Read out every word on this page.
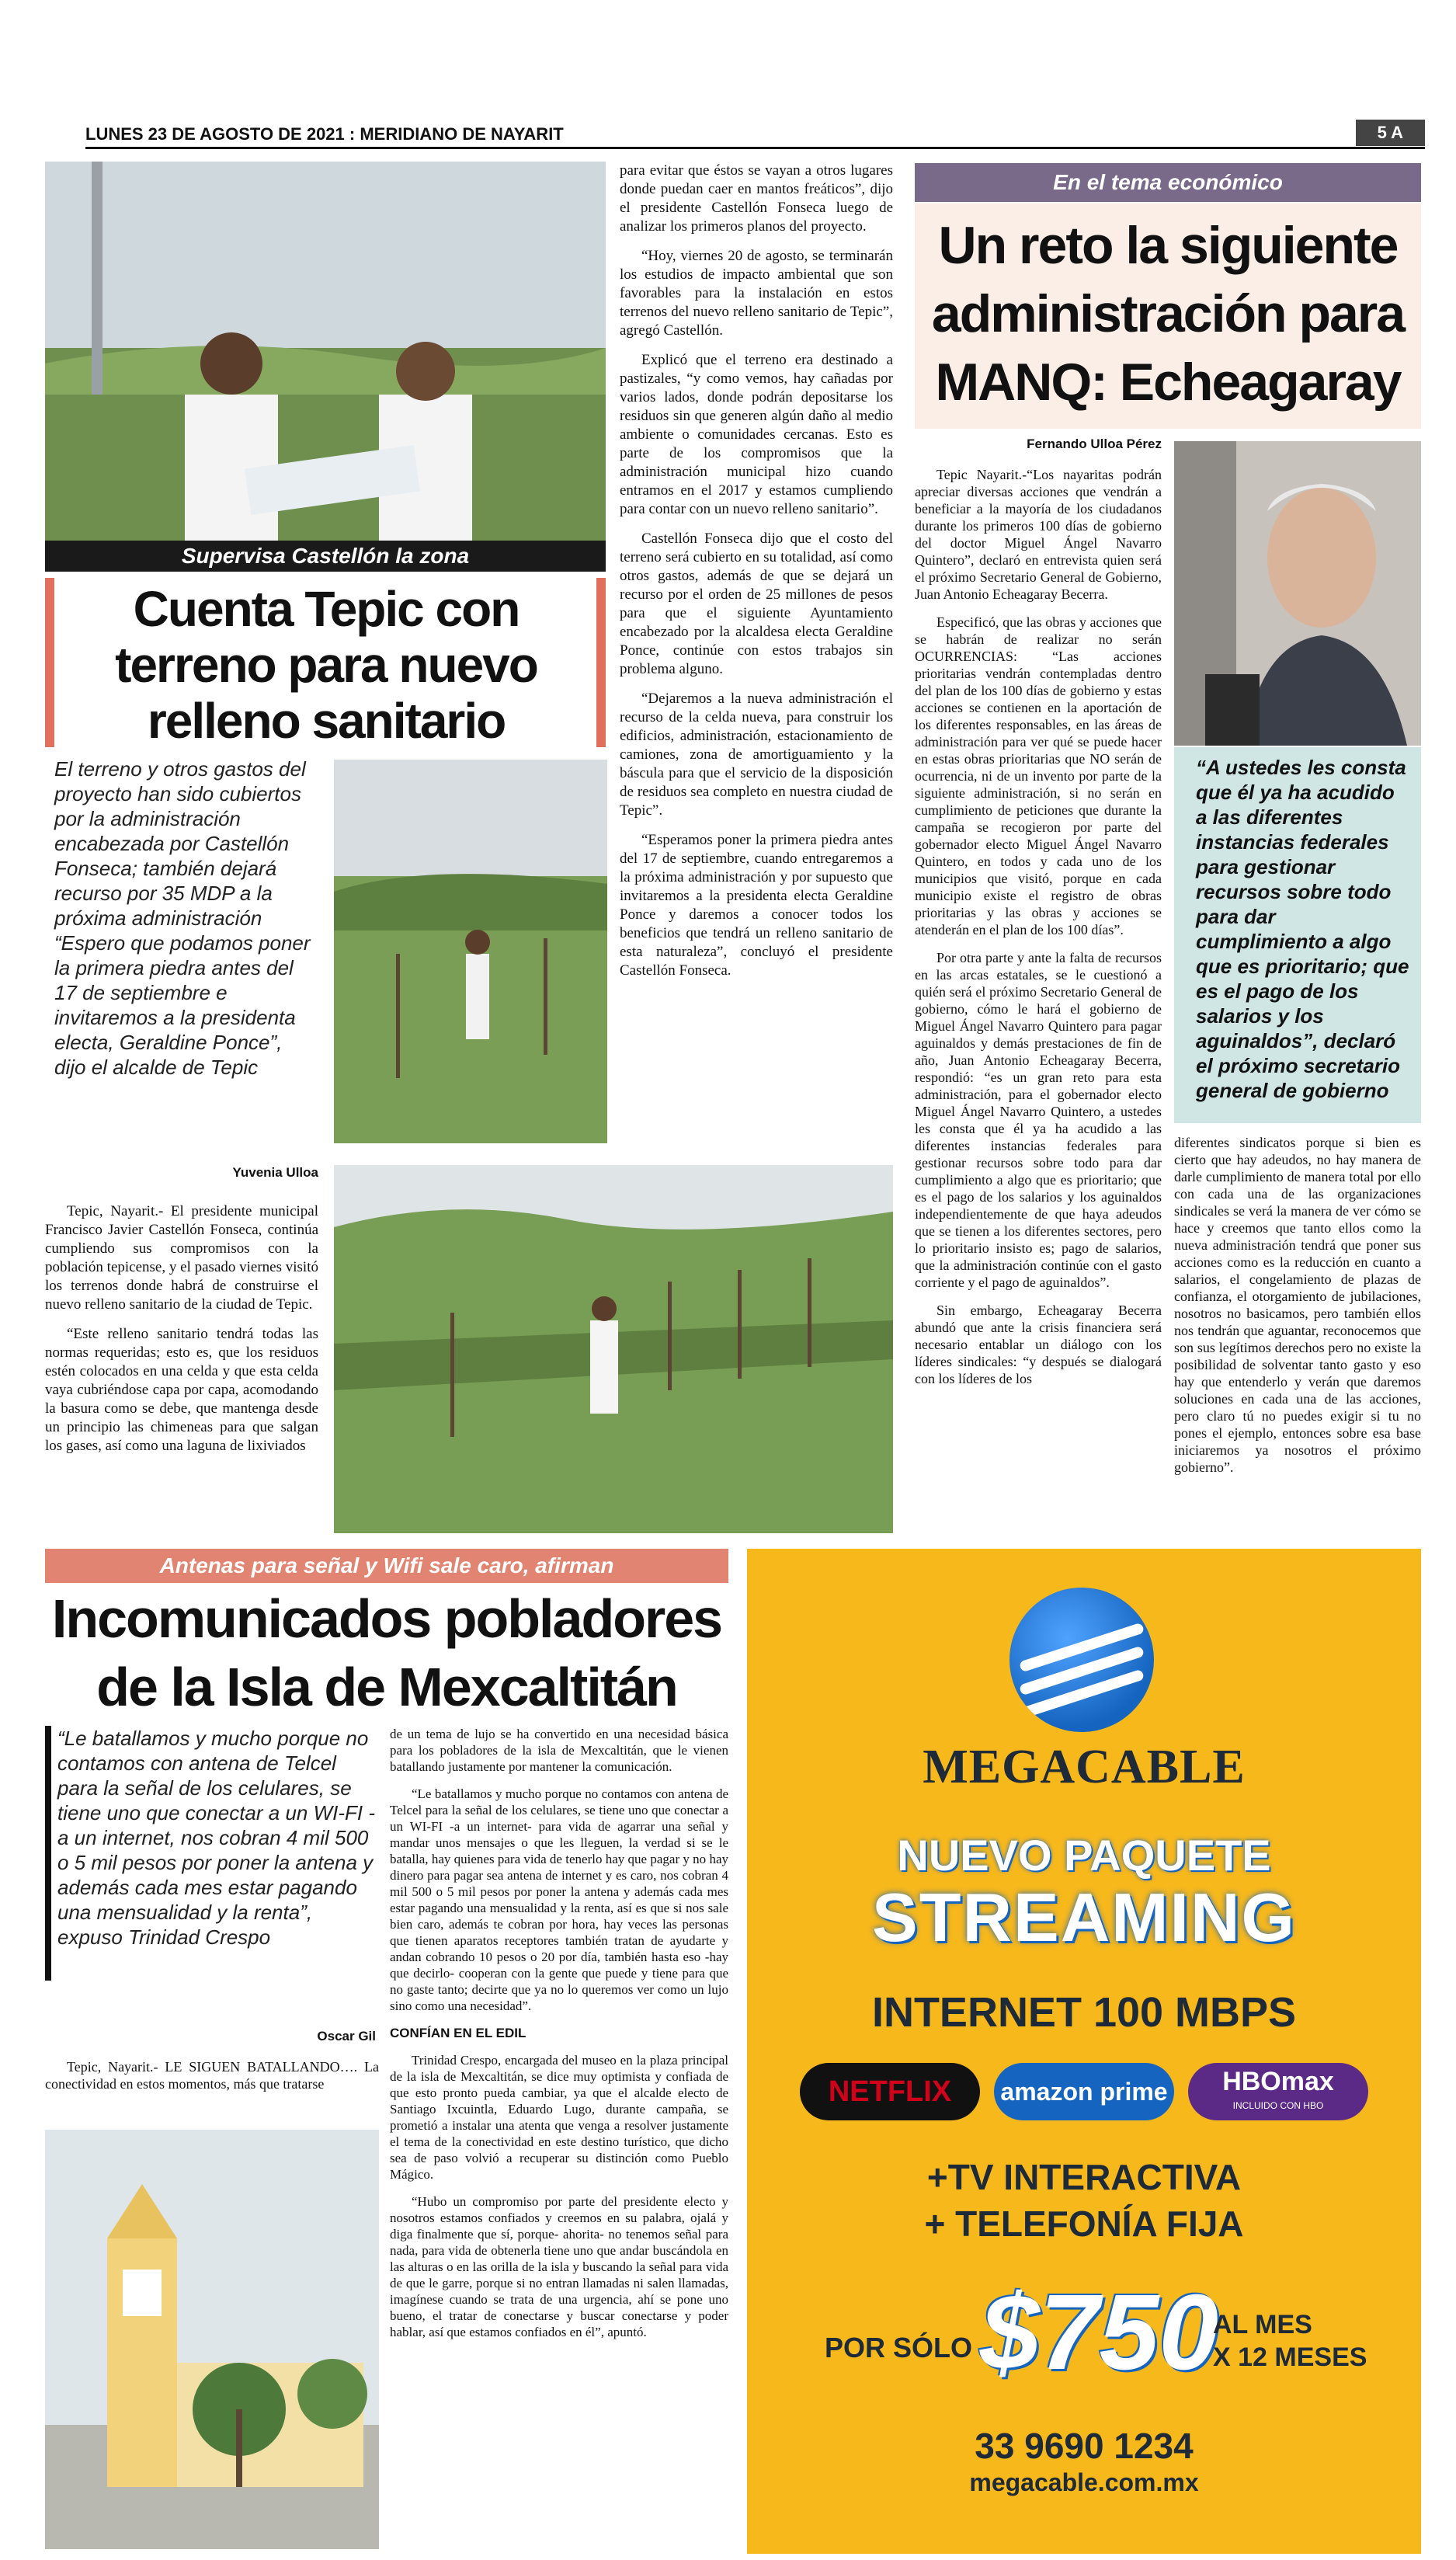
LUNES 23 DE AGOSTO DE 2021 : MERIDIANO DE NAYARIT	5 A
Supervisa Castellón la zona
Cuenta Tepic con terreno para nuevo relleno sanitario
El terreno y otros gastos del proyecto han sido cubiertos por la administración encabezada por Castellón Fonseca; también dejará recurso por 35 MDP a la próxima administración “Espero que podamos poner la primera piedra antes del 17 de septiembre e invitaremos a la presidenta electa, Geraldine Ponce”, dijo el alcalde de Tepic
Yuvenia Ulloa

Tepic, Nayarit.- El presidente municipal Francisco Javier Castellón Fonseca, continúa cumpliendo sus compromisos con la población tepicense, y el pasado viernes visitó los terrenos donde habrá de construirse el nuevo relleno sanitario de la ciudad de Tepic.

“Este relleno sanitario tendrá todas las normas requeridas; esto es, que los residuos estén colocados en una celda y que esta celda vaya cubriéndose capa por capa, acomodando la basura como se debe, que mantenga desde un principio las chimeneas para que salgan los gases, así como una laguna de lixiviados

para evitar que éstos se vayan a otros lugares donde puedan caer en mantos freáticos”, dijo el presidente Castellón Fonseca luego de analizar los primeros planos del proyecto.

“Hoy, viernes 20 de agosto, se terminarán los estudios de impacto ambiental que son favorables para la instalación en estos terrenos del nuevo relleno sanitario de Tepic”, agregó Castellón.

Explicó que el terreno era destinado a pastizales, “y como vemos, hay cañadas por varios lados, donde podrán depositarse los residuos sin que generen algún daño al medio ambiente o comunidades cercanas. Esto es parte de los compromisos que la administración municipal hizo cuando entramos en el 2017 y estamos cumpliendo para contar con un nuevo relleno sanitario”.

Castellón Fonseca dijo que el costo del terreno será cubierto en su totalidad, así como otros gastos, además de que se dejará un recurso por el orden de 25 millones de pesos para que el siguiente Ayuntamiento encabezado por la alcaldesa electa Geraldine Ponce, continúe con estos trabajos sin problema alguno.

“Dejaremos a la nueva administración el recurso de la celda nueva, para construir los edificios, administración, estacionamiento de camiones, zona de amortiguamiento y la báscula para que el servicio de la disposición de residuos sea completo en nuestra ciudad de Tepic”.

“Esperamos poner la primera piedra antes del 17 de septiembre, cuando entregaremos a la próxima administración y por supuesto que invitaremos a la presidenta electa Geraldine Ponce y daremos a conocer todos los beneficios que tendrá un relleno sanitario de esta naturaleza”, concluyó el presidente Castellón Fonseca.

En el tema económico
Un reto la siguiente administración para MANQ: Echeagaray
Fernando Ulloa Pérez
“A ustedes les consta que él ya ha acudido a las diferentes instancias federales para gestionar recursos sobre todo para dar cumplimiento a algo que es prioritario; que es el pago de los salarios y los aguinaldos”, declaró el próximo secretario general de gobierno

Tepic Nayarit.-“Los nayaritas podrán apreciar diversas acciones que vendrán a beneficiar a la mayoría de los ciudadanos durante los primeros 100 días de gobierno del doctor Miguel Ángel Navarro Quintero”, declaró en entrevista quien será el próximo Secretario General de Gobierno, Juan Antonio Echeagaray Becerra.

Especificó, que las obras y acciones que se habrán de realizar no serán OCURRENCIAS: “Las acciones prioritarias vendrán contempladas dentro del plan de los 100 días de gobierno y estas acciones se contienen en la aportación de los diferentes responsables, en las áreas de administración para ver qué se puede hacer en estas obras prioritarias que NO serán de ocurrencia, ni de un invento por parte de la siguiente administración, si no serán en cumplimiento de peticiones que durante la campaña se recogieron por parte del gobernador electo Miguel Ángel Navarro Quintero, en todos y cada uno de los municipios que visitó, porque en cada municipio existe el registro de obras prioritarias y las obras y acciones se atenderán en el plan de los 100 días”.

Por otra parte y ante la falta de recursos en las arcas estatales, se le cuestionó a quién será el próximo Secretario General de gobierno, cómo le hará el gobierno de Miguel Ángel Navarro Quintero para pagar aguinaldos y demás prestaciones de fin de año, Juan Antonio Echeagaray Becerra, respondió: “es un gran reto para esta administración, para el gobernador electo Miguel Ángel Navarro Quintero, a ustedes les consta que él ya ha acudido a las diferentes instancias federales para gestionar recursos sobre todo para dar cumplimiento a algo que es prioritario; que es el pago de los salarios y los aguinaldos independientemente de que haya adeudos que se tienen a los diferentes sectores, pero lo prioritario insisto es; pago de salarios, que la administración continúe con el gasto corriente y el pago de aguinaldos”.

Sin embargo, Echeagaray Becerra abundó que ante la crisis financiera será necesario entablar un diálogo con los líderes sindicales: “y después se dialogará con los líderes de los

diferentes sindicatos porque si bien es cierto que hay adeudos, no hay manera de darle cumplimiento de manera total por ello con cada una de las organizaciones sindicales se verá la manera de ver cómo se hace y creemos que tanto ellos como la nueva administración tendrá que poner sus acciones como es la reducción en cuanto a salarios, el congelamiento de plazas de confianza, el otorgamiento de jubilaciones, nosotros no basicamos, pero también ellos nos tendrán que aguantar, reconocemos que son sus legítimos derechos pero no existe la posibilidad de solventar tanto gasto y eso hay que entenderlo y verán que daremos soluciones en cada una de las acciones, pero claro tú no puedes exigir si tu no pones el ejemplo, entonces sobre esa base iniciaremos ya nosotros el próximo gobierno”.

Antenas para señal y Wifi sale caro, afirman
Incomunicados pobladores de la Isla de Mexcaltitán
“Le batallamos y mucho porque no contamos con antena de Telcel para la señal de los celulares, se tiene uno que conectar a un WI-FI -a un internet, nos cobran 4 mil 500 o 5 mil pesos por poner la antena y además cada mes estar pagando una mensualidad y la renta”, expuso Trinidad Crespo
Oscar Gil

Tepic, Nayarit.- LE SIGUEN BATALLANDO…. La conectividad en estos momentos, más que tratarse

de un tema de lujo se ha convertido en una necesidad básica para los pobladores de la isla de Mexcaltitán, que le vienen batallando justamente por mantener la comunicación.

“Le batallamos y mucho porque no contamos con antena de Telcel para la señal de los celulares, se tiene uno que conectar a un WI-FI -a un internet- para vida de agarrar una señal y mandar unos mensajes o que les lleguen, la verdad si se le batalla, hay quienes para vida de tenerlo hay que pagar y no hay dinero para pagar sea antena de internet y es caro, nos cobran 4 mil 500 o 5 mil pesos por poner la antena y además cada mes estar pagando una mensualidad y la renta, así es que si nos sale bien caro, además te cobran por hora, hay veces las personas que tienen aparatos receptores también tratan de ayudarte y andan cobrando 10 pesos o 20 por día, también hasta eso -hay que decirlo- cooperan con la gente que puede y tiene para que no gaste tanto; decirte que ya no lo queremos ver como un lujo sino como una necesidad”.

CONFÍAN EN EL EDIL

Trinidad Crespo, encargada del museo en la plaza principal de la isla de Mexcaltitán, se dice muy optimista y confiada de que esto pronto pueda cambiar, ya que el alcalde electo de Santiago Ixcuintla, Eduardo Lugo, durante campaña, se prometió a instalar una atenta que venga a resolver justamente el tema de la conectividad en este destino turístico, que dicho sea de paso volvió a recuperar su distinción como Pueblo Mágico.

“Hubo un compromiso por parte del presidente electo y nosotros estamos confiados y creemos en su palabra, ojalá y diga finalmente que sí, porque- ahorita- no tenemos señal para nada, para vida de obtenerla tiene uno que andar buscándola en las alturas o en las orilla de la isla y buscando la señal para vida de que le garre, porque si no entran llamadas ni salen llamadas, imagínese cuando se trata de una urgencia, ahí se pone uno bueno, el tratar de conectarse y buscar conectarse y poder hablar, así que estamos confiados en él”, apuntó.

MEGACABLE
NUEVO PAQUETE
STREAMING
INTERNET 100 MBPS
NETFLIX	amazon prime	HBOmax
INCLUIDO CON HBO
+TV INTERACTIVA
+ TELEFONÍA FIJA
POR SÓLO $750
AL MES
X 12 MESES
33 9690 1234
megacable.com.mx
